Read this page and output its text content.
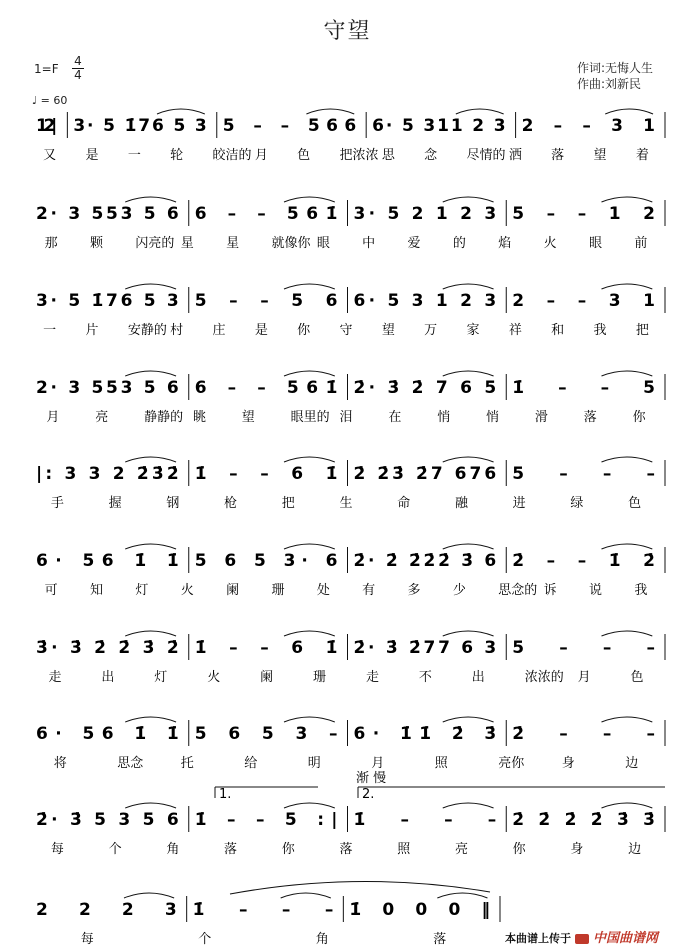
守望
1=F
4
4
♩ = 60
作词:无悔人生
作曲:刘新民
1 2 | 3· 5 1̇76 5 3 5 – – 566 6· 5 311 2 3 2 – – 3 1
又 是 一 轮 皎洁的 月 色 把浓浓 思 念 尽情的 洒 落 望 着
2· 3 553 5 6 6 – – 561̇ 3· 5 2 1 2 3 5 – – 1 2
那 颗 闪亮的 星 星 就像你 眼 中 爱 的 焰 火 眼 前
3· 5 1̇76 5 3 5 – – 5 6 6· 5 3 1 2 3 2 – – 3 1
一 片 安静的 村 庄 是 你 守 望 万 家 祥 和 我 把
2· 3 553 5 6 6 – – 561̇ 2̇· 3̇ 2̇ 7 6 5 1̇ – – 5
月	亮	静静的 眺	望	眼里的 泪	在	悄	悄	滑	落	你
|: 3 3 2 2̇3̇2̇ 1̇ – – 6 1̇ 2̇ 2̇3̇ 2̇7 676 5 – – –
手	握	钢	枪	把	生	命	融	进	绿	色
6· 56 1̇ 1̇ 5 6 5 3· 6 2̇· 2̇ 2̇2̇2̇ 3̇ 6 2̇ – – 1̇ 2̇
可 知 灯 火 阑 珊 处 有 多 少 思念的 诉 说 我
3̇· 3̇ 2̇ 2̇ 3̇ 2̇ 1̇ – – 6 1̇ 2̇· 3̇ 2̇77 6 3 5 – – –
走	出	灯	火	阑	珊	走	不	出	浓浓的 月	色
6· 56 1̇ 1̇ 5 6 5 3 – 6· 1̇1̇ 2̇ 3̇ 2̇ – – –
将	思念	托	给	明	月	照	亮你	身	边
2̇· 3̇ 5 3 5 6 1̇ – – 5 :| 1̇ – – – 2̇ 2̇ 2̇ 2̇ 3̇ 3̇
每	个	角	落	你	落	照	亮	你	身	边
1.	2.
渐 慢
2 2 2 3 1̇ – – – 1̇ 0 0 0 ‖
每	个	角	落	本曲谱上传于 中国曲谱网
